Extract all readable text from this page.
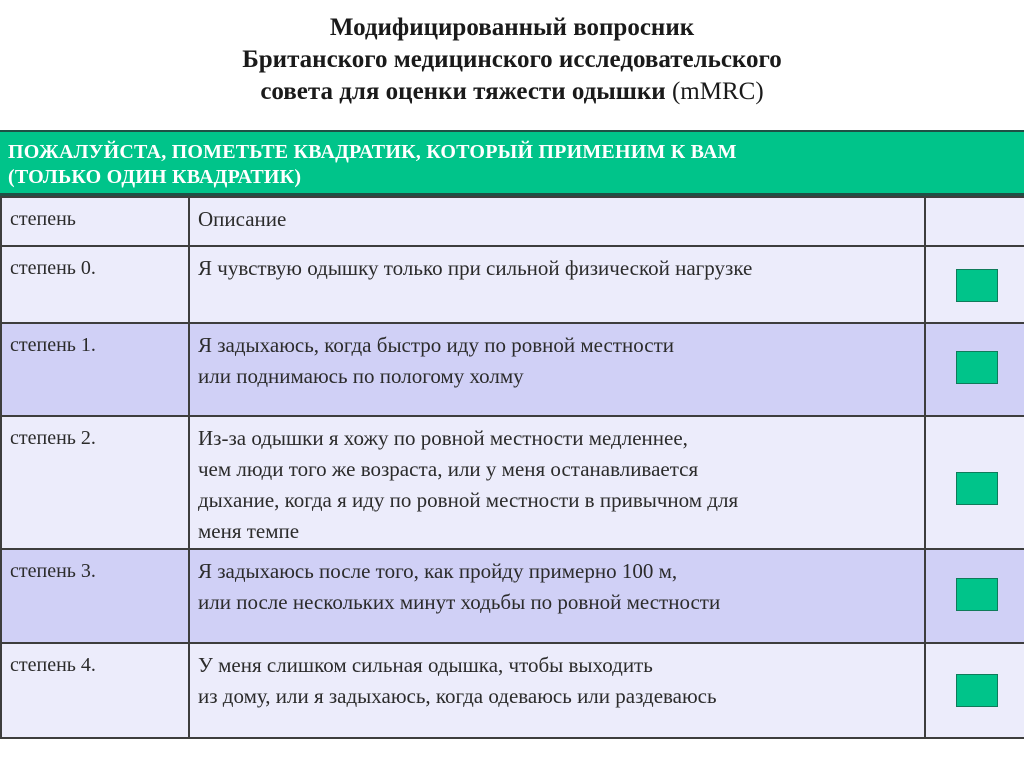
Модифицированный вопросник
Британского медицинского исследовательского
совета для оценки тяжести одышки (mMRC)
ПОЖАЛУЙСТА, ПОМЕТЬТЕ КВАДРАТИК, КОТОРЫЙ ПРИМЕНИМ К ВАМ
(ТОЛЬКО ОДИН КВАДРАТИК)
степень	Описание	
степень 0.	Я чувствую одышку только при сильной физической нагрузке	

степень 1.	Я задыхаюсь, когда быстро иду по ровной местности
или поднимаюсь по пологому холму	

степень 2.	Из-за одышки я хожу по ровной местности медленнее,
чем люди того же возраста, или у меня останавливается
дыхание, когда я иду по ровной местности в привычном для
меня темпе	

степень 3.	Я задыхаюсь после того, как пройду примерно 100 м,
или после нескольких минут ходьбы по ровной местности	

степень 4.	У меня слишком сильная одышка, чтобы выходить
из дому, или я задыхаюсь, когда одеваюсь или раздеваюсь	
